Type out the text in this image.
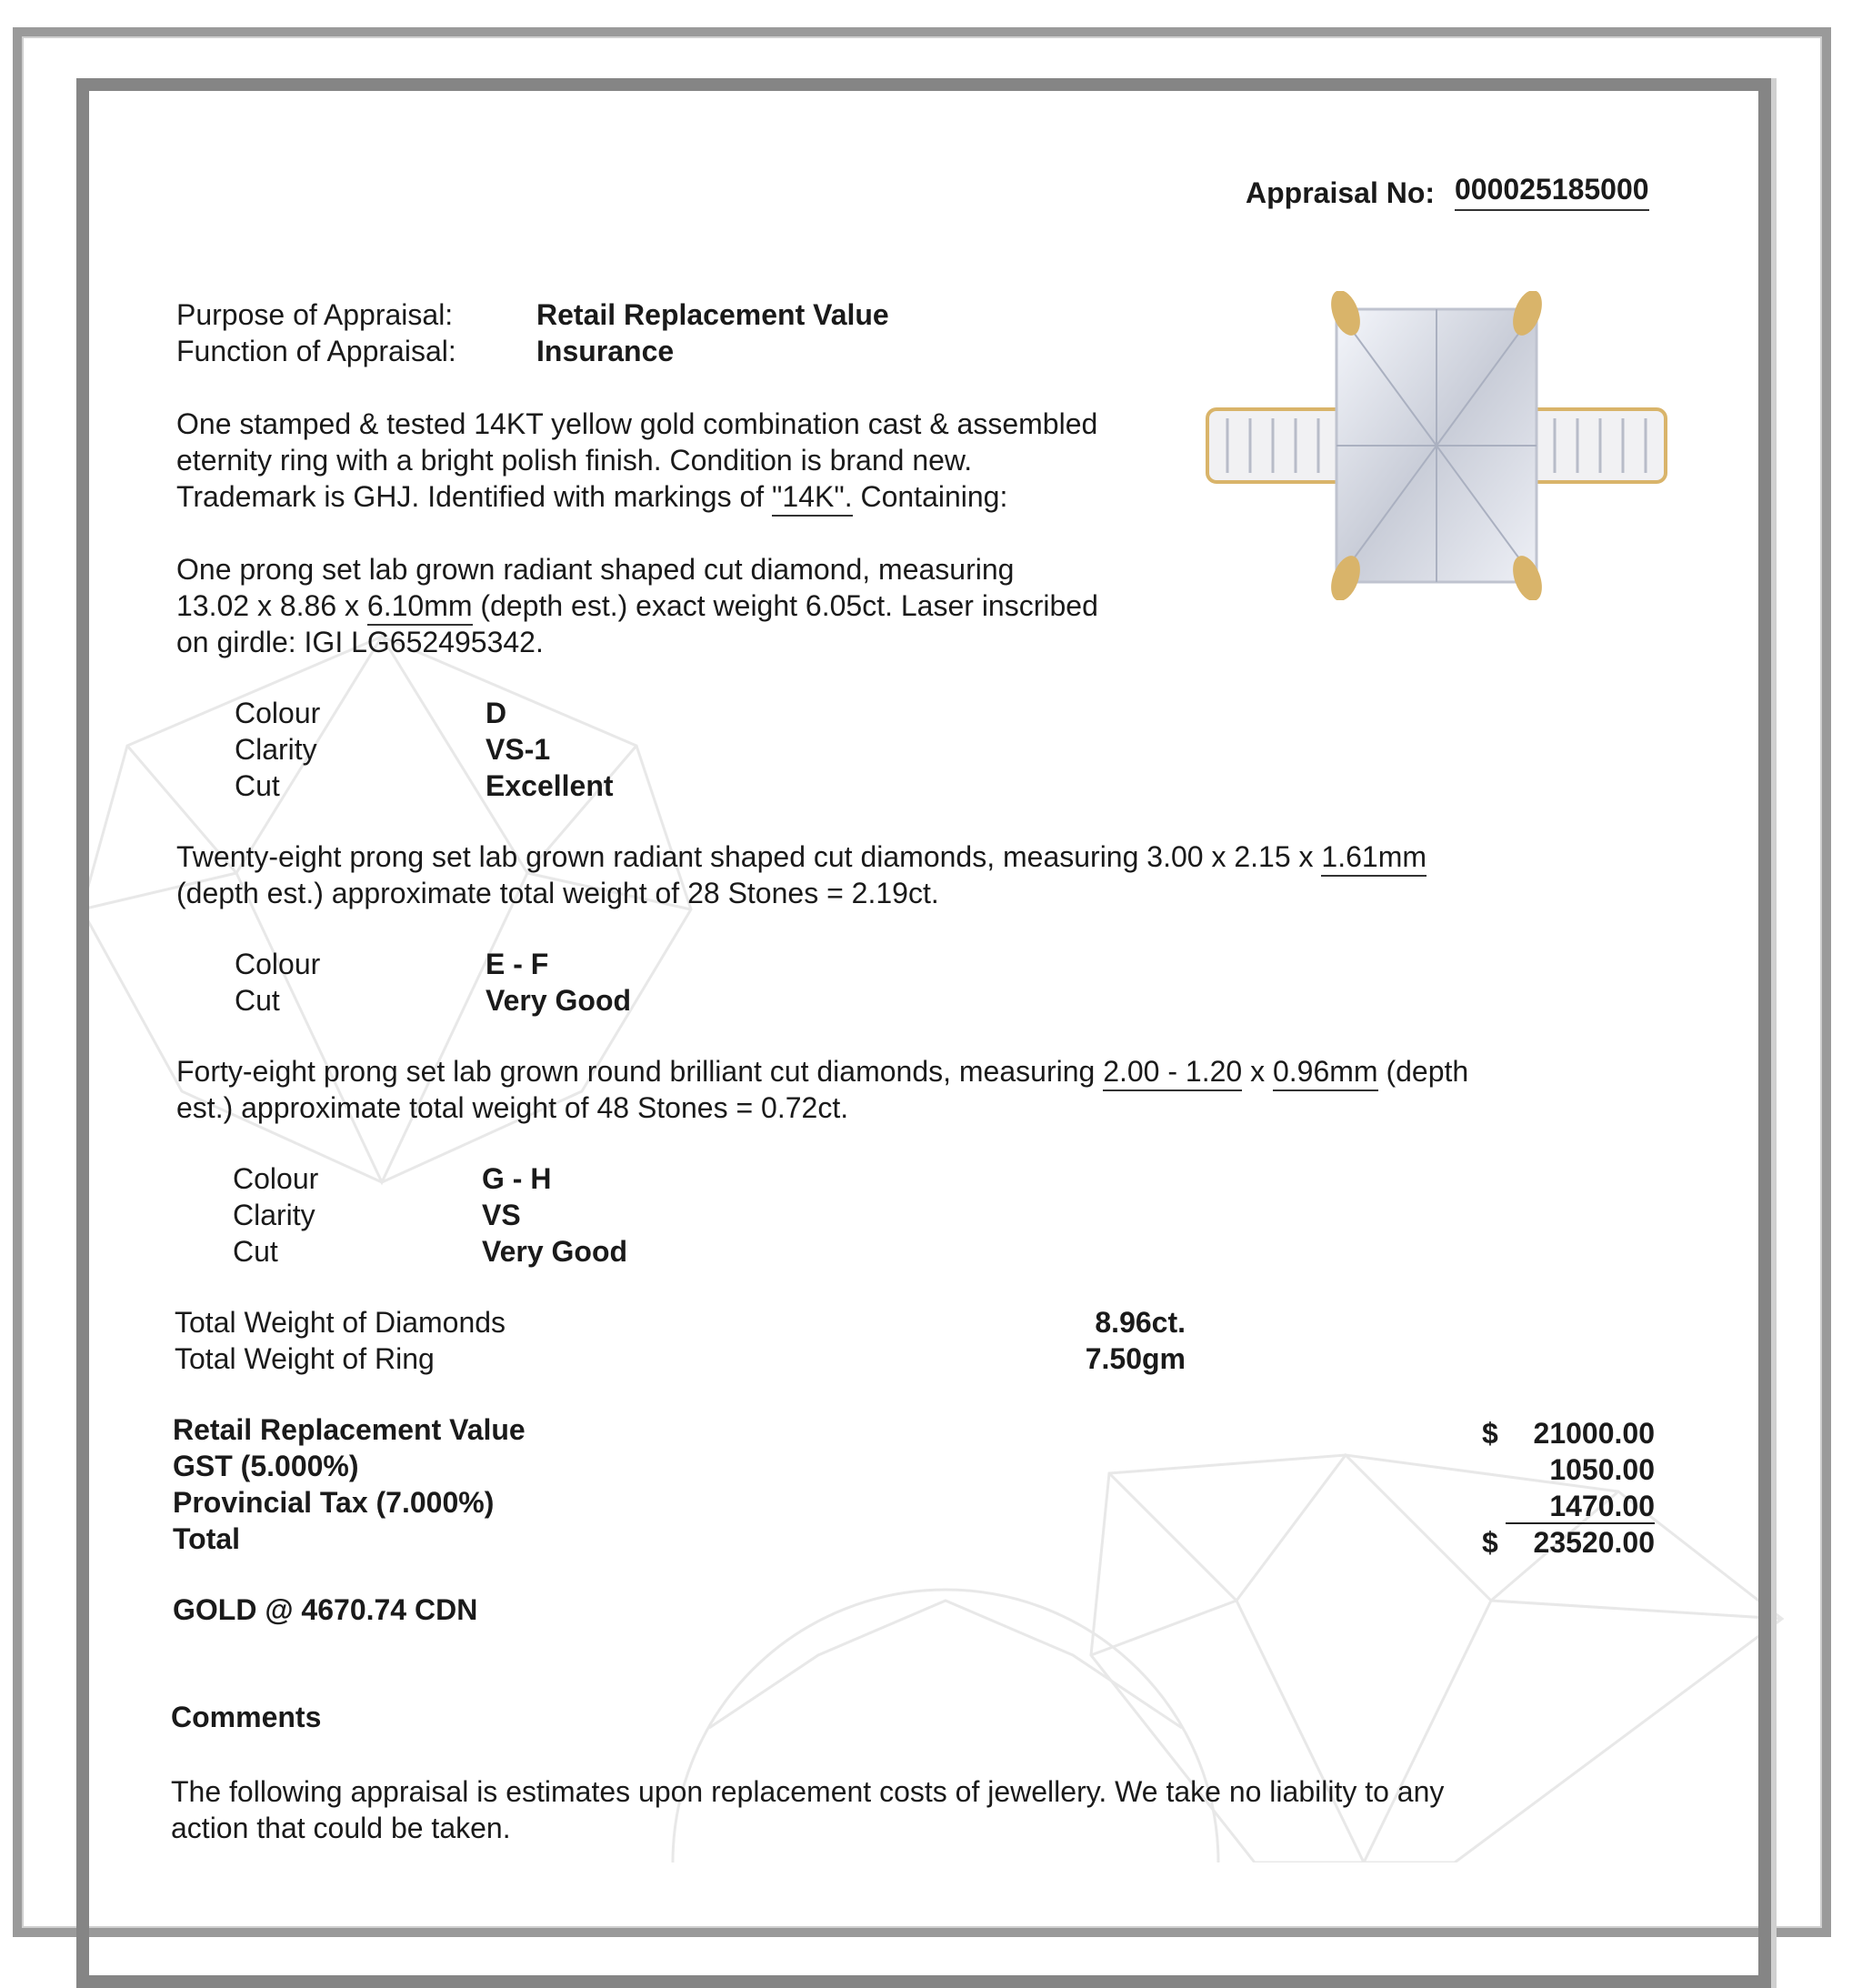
Appraisal No: 000025185000
Purpose of Appraisal:	Retail Replacement Value
Function of Appraisal:	Insurance
One stamped & tested 14KT yellow gold combination cast & assembled
eternity ring with a bright polish finish. Condition is brand new.
Trademark is GHJ. Identified with markings of "14K". Containing:
One prong set lab grown radiant shaped cut diamond, measuring
13.02 x 8.86 x 6.10mm (depth est.) exact weight 6.05ct. Laser inscribed
on girdle: IGI LG652495342.
Colour	D
Clarity	VS-1
Cut	Excellent
Twenty-eight prong set lab grown radiant shaped cut diamonds, measuring 3.00 x 2.15 x 1.61mm
(depth est.) approximate total weight of 28 Stones = 2.19ct.
Colour	E - F
Cut	Very Good
Forty-eight prong set lab grown round brilliant cut diamonds, measuring 2.00 - 1.20 x 0.96mm (depth
est.) approximate total weight of 48 Stones = 0.72ct.
Colour	G - H
Clarity	VS
Cut	Very Good
Total Weight of Diamonds	8.96ct.
Total Weight of Ring	7.50gm
Retail Replacement Value	$	21000.00
GST (5.000%)	1050.00
Provincial Tax (7.000%)	1470.00
Total	$	23520.00
GOLD @ 4670.74 CDN
Comments
The following appraisal is estimates upon replacement costs of jewellery. We take no liability to any
action that could be taken.
